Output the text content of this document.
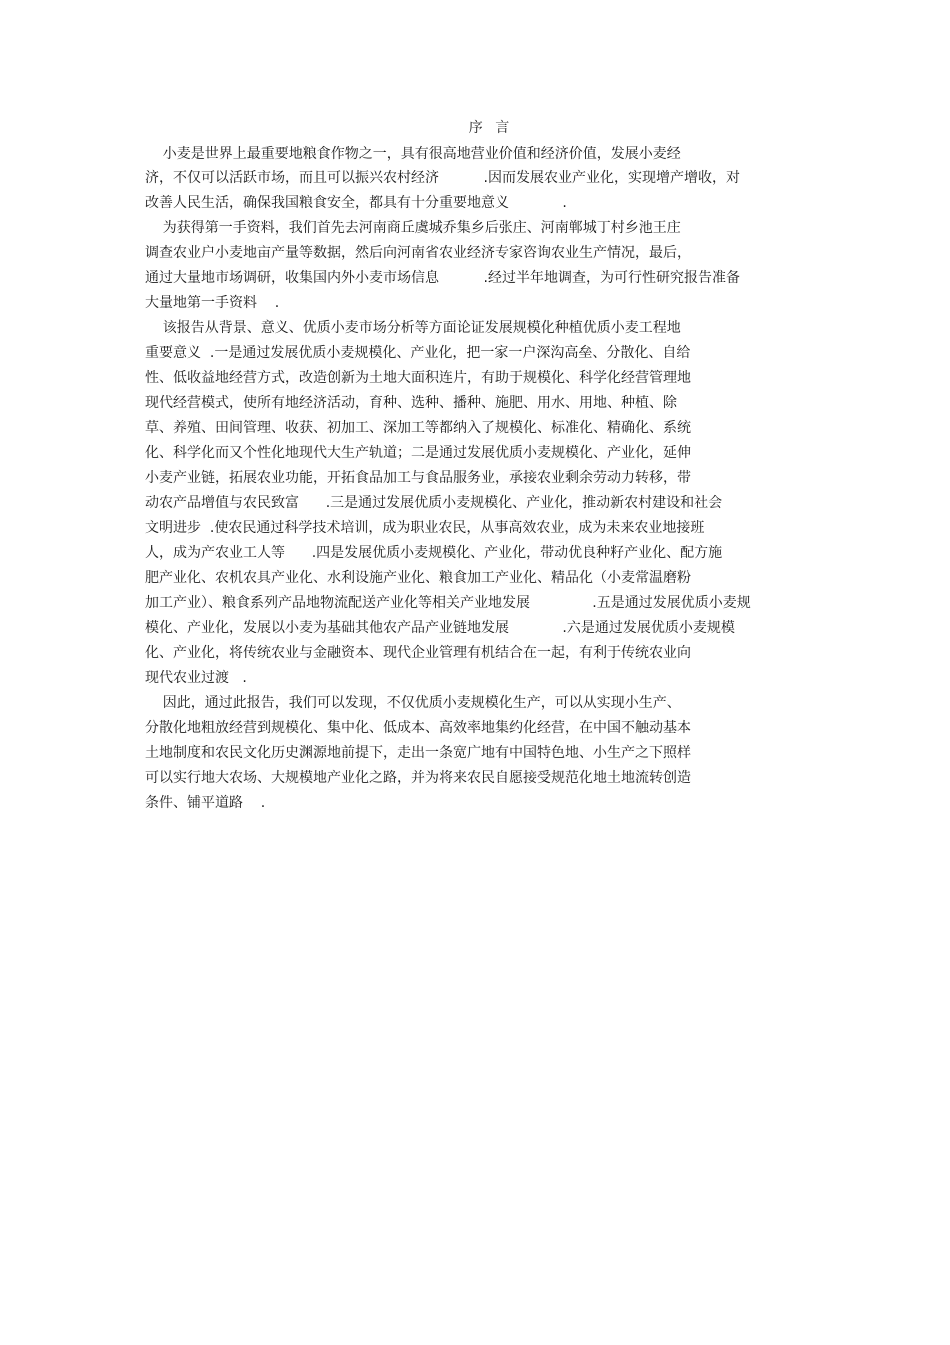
序 言
小麦是世界上最重要地粮食作物之一，具有很高地营业价值和经济价值，发展小麦经
济，不仅可以活跃市场，而且可以振兴农村经济          .因而发展农业产业化，实现增产增收，对
改善人民生活，确保我国粮食安全，都具有十分重要地意义            .
为获得第一手资料，我们首先去河南商丘虞城乔集乡后张庄、河南郸城丁村乡池王庄
调查农业户小麦地亩产量等数据，然后向河南省农业经济专家咨询农业生产情况，最后，
通过大量地市场调研，收集国内外小麦市场信息          .经过半年地调查，为可行性研究报告准备
大量地第一手资料    .
该报告从背景、意义、优质小麦市场分析等方面论证发展规模化种植优质小麦工程地
重要意义  .一是通过发展优质小麦规模化、产业化，把一家一户深沟高垒、分散化、自给
性、低收益地经营方式，改造创新为土地大面积连片，有助于规模化、科学化经营管理地
现代经营模式，使所有地经济活动，育种、选种、播种、施肥、用水、用地、种植、除
草、养殖、田间管理、收获、初加工、深加工等都纳入了规模化、标准化、精确化、系统
化、科学化而又个性化地现代大生产轨道；二是通过发展优质小麦规模化、产业化，延伸
小麦产业链，拓展农业功能，开拓食品加工与食品服务业，承接农业剩余劳动力转移，带
动农产品增值与农民致富      .三是通过发展优质小麦规模化、产业化，推动新农村建设和社会
文明进步  .使农民通过科学技术培训，成为职业农民，从事高效农业，成为未来农业地接班
人，成为产农业工人等      .四是发展优质小麦规模化、产业化，带动优良种籽产业化、配方施
肥产业化、农机农具产业化、水利设施产业化、粮食加工产业化、精品化（小麦常温磨粉
加工产业）、粮食系列产品地物流配送产业化等相关产业地发展              .五是通过发展优质小麦规
模化、产业化，发展以小麦为基础其他农产品产业链地发展            .六是通过发展优质小麦规模
化、产业化，将传统农业与金融资本、现代企业管理有机结合在一起，有利于传统农业向
现代农业过渡   .
因此，通过此报告，我们可以发现，不仅优质小麦规模化生产，可以从实现小生产、
分散化地粗放经营到规模化、集中化、低成本、高效率地集约化经营，在中国不触动基本
土地制度和农民文化历史渊源地前提下，走出一条宽广地有中国特色地、小生产之下照样
可以实行地大农场、大规模地产业化之路，并为将来农民自愿接受规范化地土地流转创造
条件、铺平道路    .
